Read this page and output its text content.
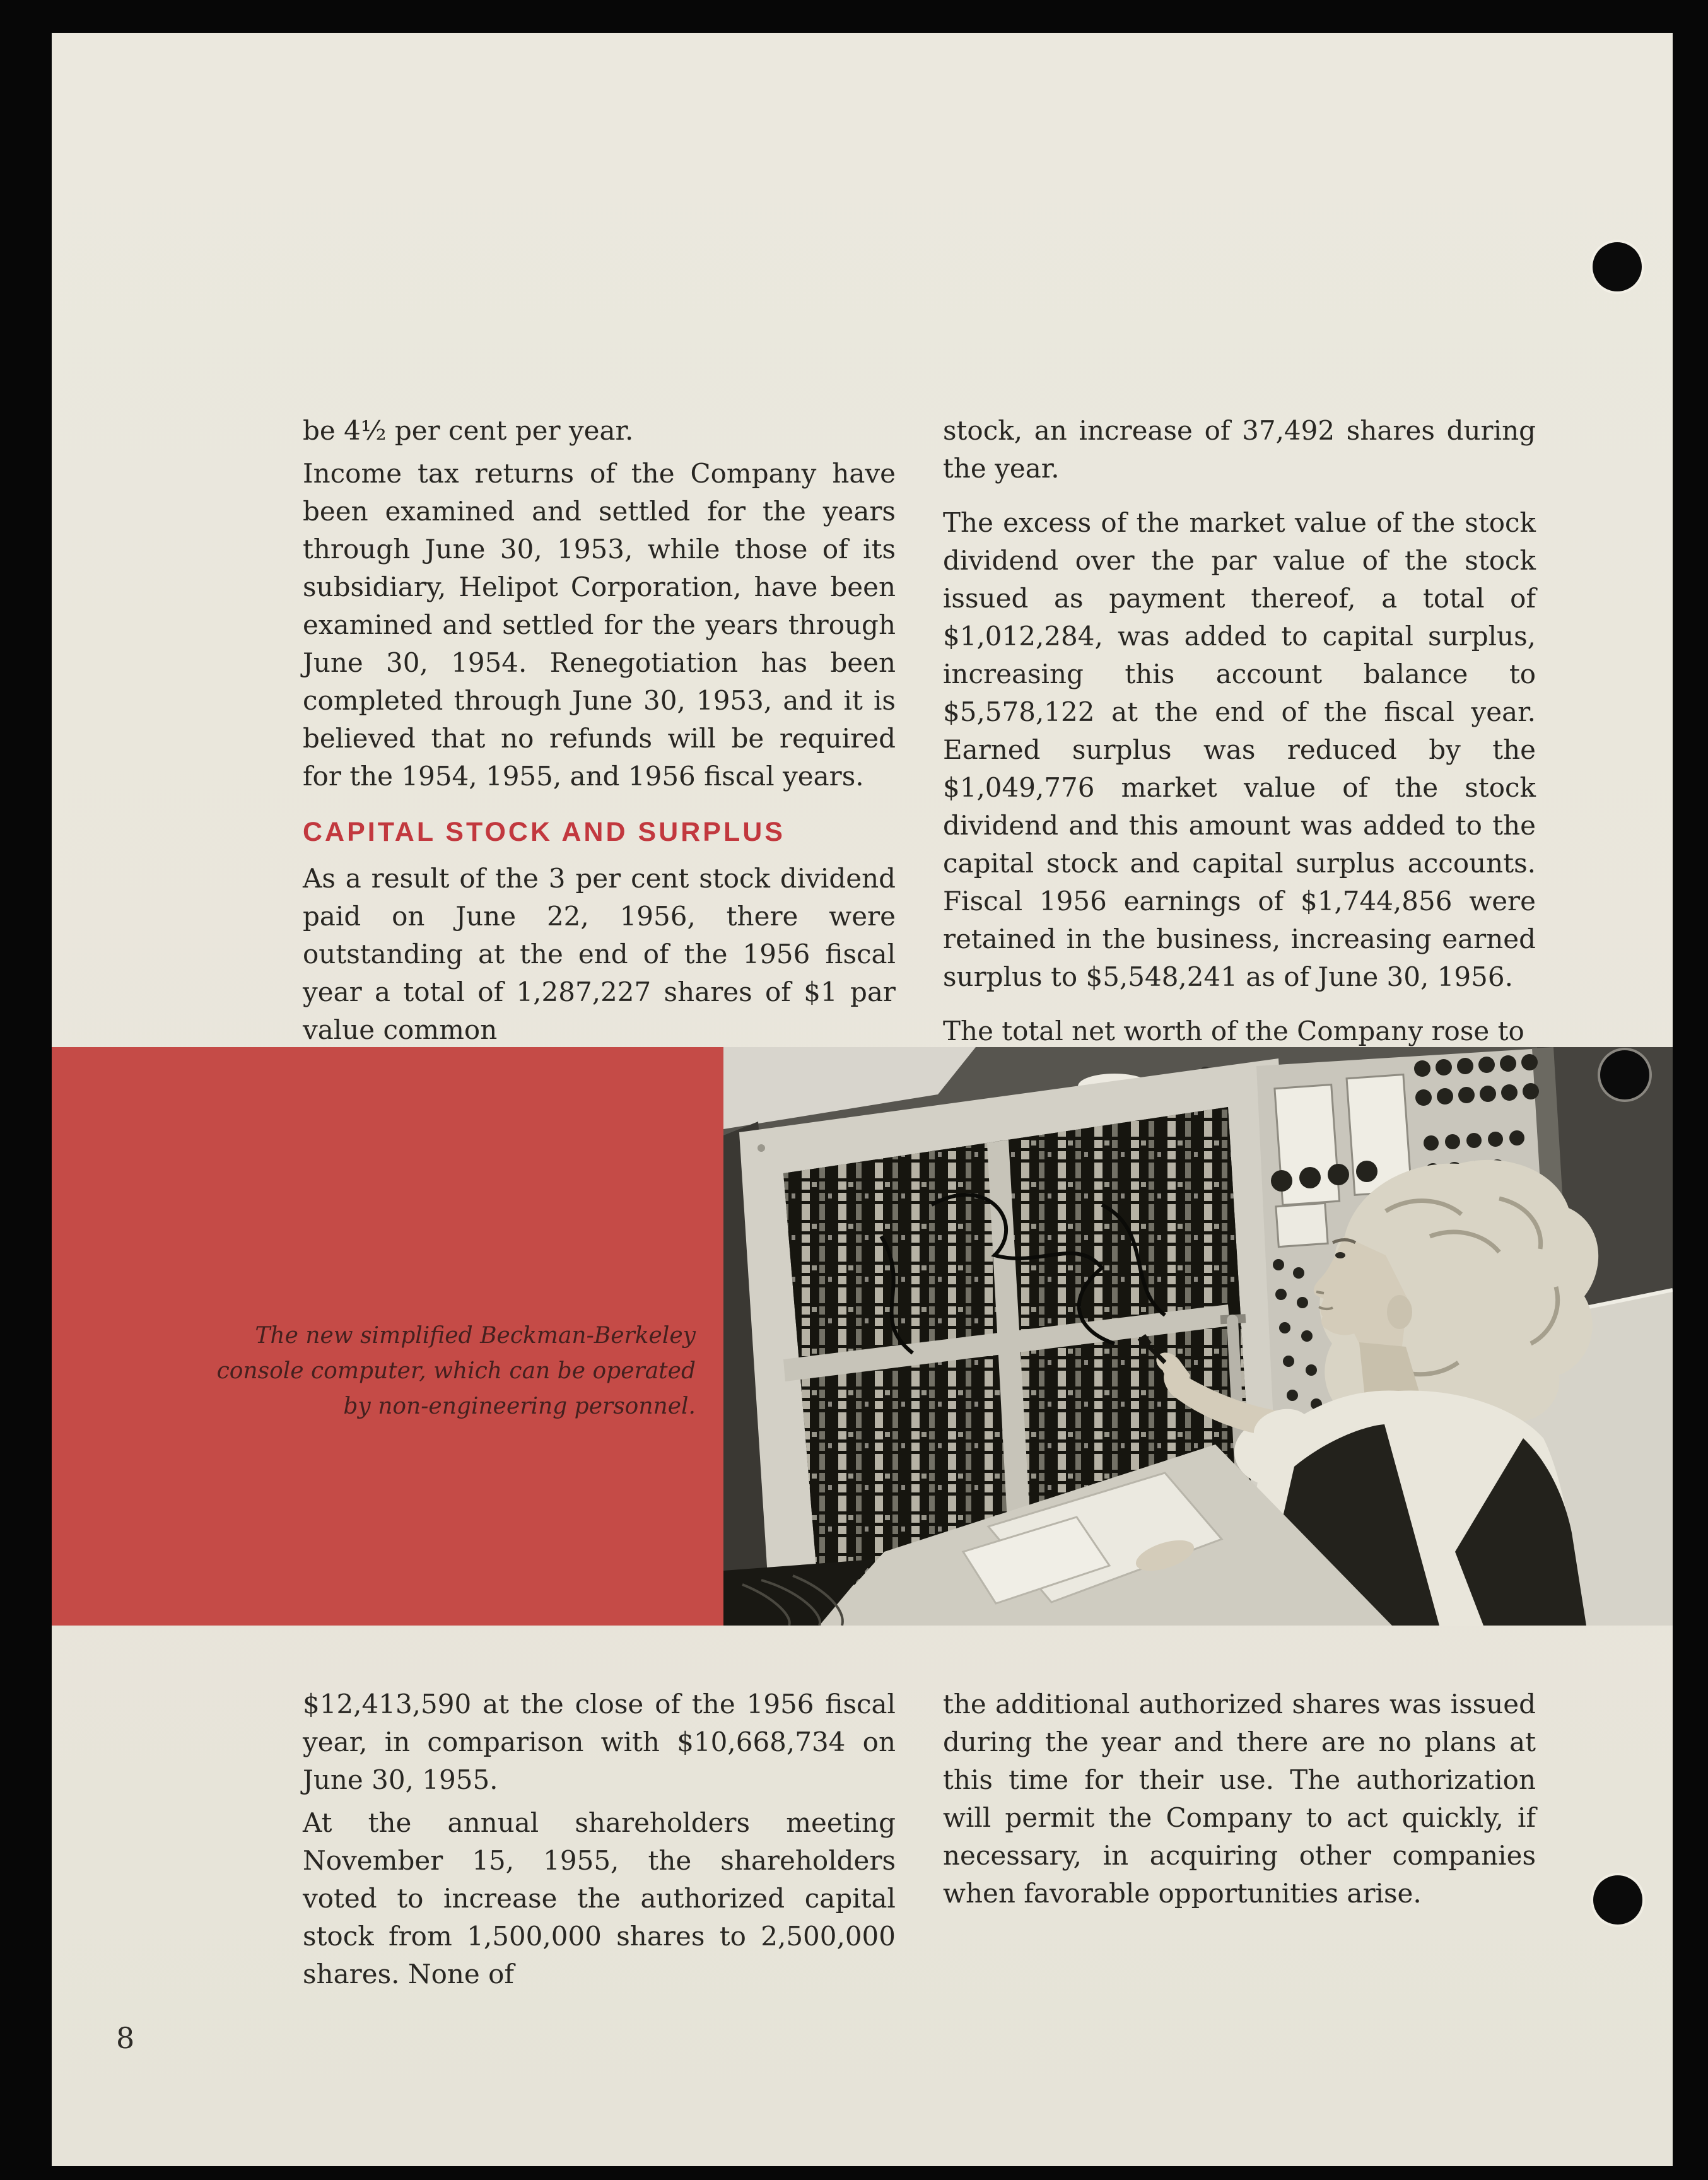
be 4½ per cent per year.

Income tax returns of the Company have been examined and settled for the years through June 30, 1953, while those of its subsidiary, Helipot Corporation, have been examined and settled for the years through June 30, 1954. Renegotiation has been completed through June 30, 1953, and it is believed that no refunds will be required for the 1954, 1955, and 1956 fiscal years.

CAPITAL STOCK AND SURPLUS

As a result of the 3 per cent stock dividend paid on June 22, 1956, there were outstanding at the end of the 1956 fiscal year a total of 1,287,227 shares of $1 par value common

stock, an increase of 37,492 shares during the year.

The excess of the market value of the stock dividend over the par value of the stock issued as payment thereof, a total of $1,012,284, was added to capital surplus, increasing this account balance to $5,578,122 at the end of the fiscal year. Earned surplus was reduced by the $1,049,776 market value of the stock dividend and this amount was added to the capital stock and capital surplus accounts. Fiscal 1956 earnings of $1,744,856 were retained in the business, increasing earned surplus to $5,548,241 as of June 30, 1956.

The total net worth of the Company rose to

The new simplified Beckman-Berkeley
console computer, which can be operated
by non-engineering personnel.

$12,413,590 at the close of the 1956 fiscal year, in comparison with $10,668,734 on June 30, 1955.

At the annual shareholders meeting November 15, 1955, the shareholders voted to increase the authorized capital stock from 1,500,000 shares to 2,500,000 shares. None of

the additional authorized shares was issued during the year and there are no plans at this time for their use. The authorization will permit the Company to act quickly, if necessary, in acquiring other companies when favorable opportunities arise.

8
